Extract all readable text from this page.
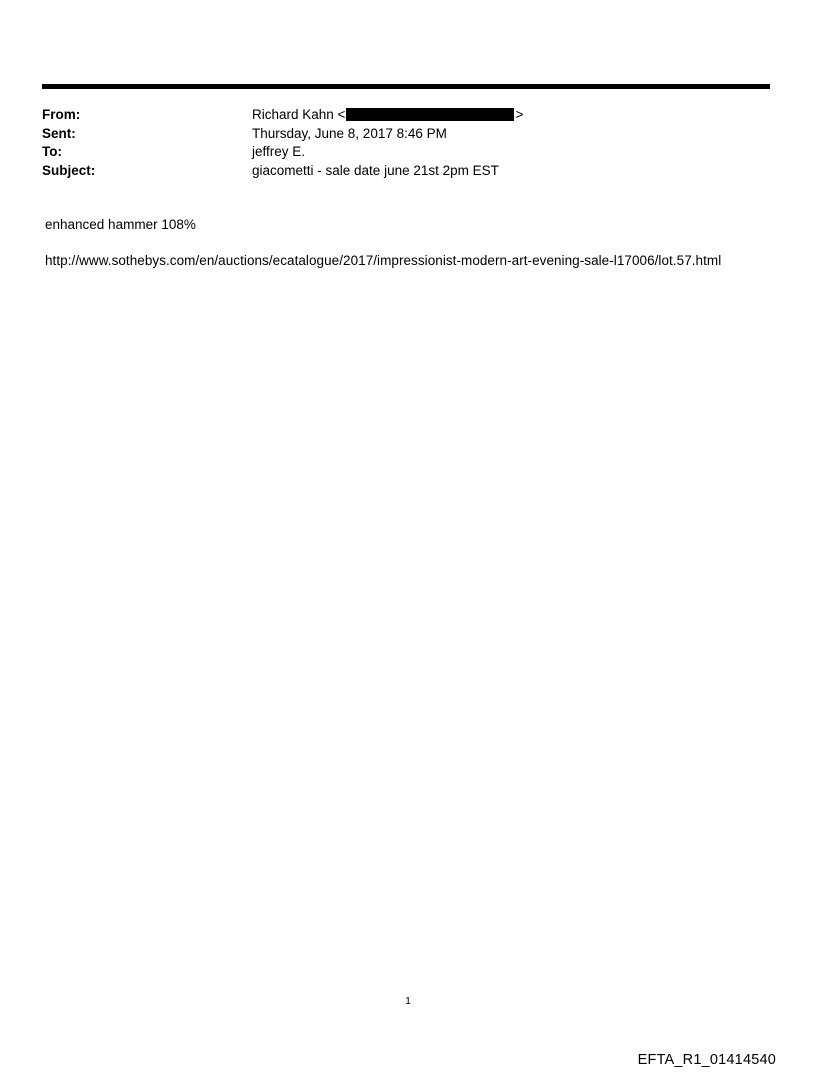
From:	Richard Kahn < >
Sent:	Thursday, June 8, 2017 8:46 PM
To:	jeffrey E.
Subject:	giacometti - sale date june 21st 2pm EST
enhanced hammer 108%
http://www.sothebys.com/en/auctions/ecatalogue/2017/impressionist-modern-art-evening-sale-l17006/lot.57.html
1
EFTA_R1_01414540
